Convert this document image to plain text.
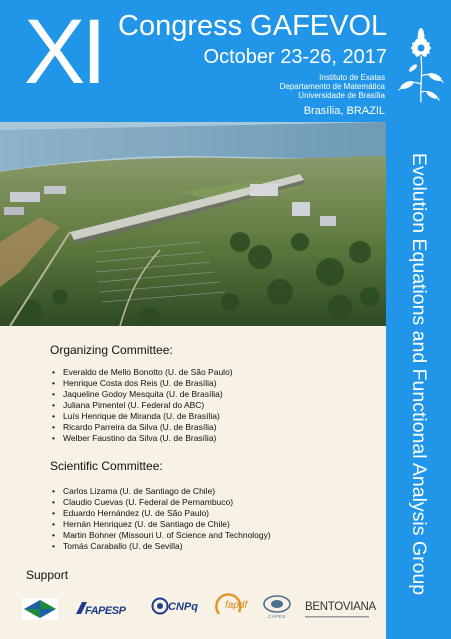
XI Congress GAFEVOL
October 23-26, 2017
Instituto de Exatas
Departamento de Matemática
Universidade de Brasília
Brasília, BRAZIL
Evolution Equations and Functional Analysis Group
Organizing Committee:
• Everaldo de Mello Bonotto (U. de São Paulo)
• Henrique Costa dos Reis (U. de Brasília)
• Jaqueline Godoy Mesquita (U. de Brasília)
• Juliana Pimentel (U. Federal do ABC)
• Luís Henrique de Miranda (U. de Brasília)
• Ricardo Parreira da Silva (U. de Brasília)
• Welber Faustino da Silva (U. de Brasília)
Scientific Committee:
• Carlos Lizama (U. de Santiago de Chile)
• Claudio Cuevas (U. Federal de Pernambuco)
• Eduardo Hernández (U. de São Paulo)
• Hernán Henriquez (U. de Santiago de Chile)
• Martin Bohner (Missouri U. of Science and Technology)
• Tomás Caraballo (U. de Sevilla)
Support
FAPESP	CNPq	fapdf
CAPES
BENTOVIANA
